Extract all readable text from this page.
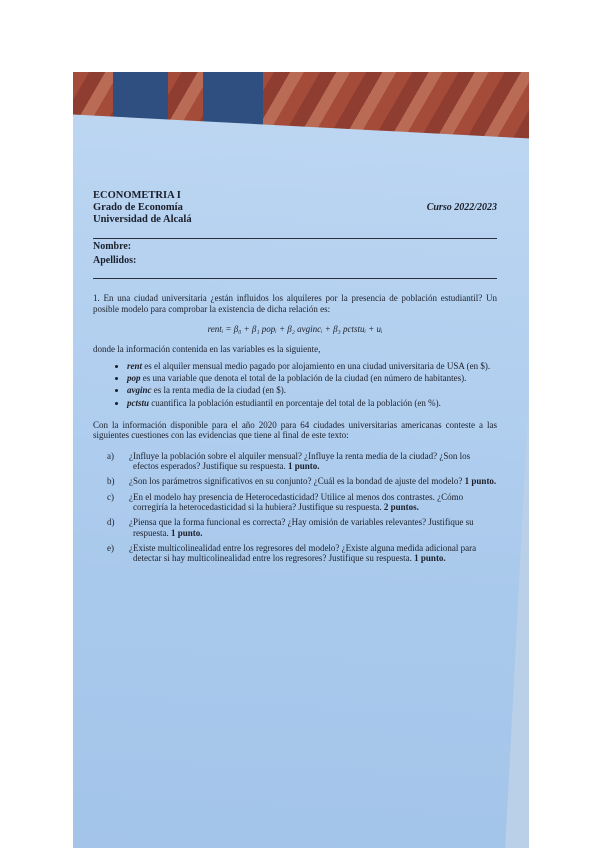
ECONOMETRIA I
Grado de Economía	Curso 2022/2023
Universidad de Alcalá
Nombre:
Apellidos:

1. En una ciudad universitaria ¿están influidos los alquileres por la presencia de población estudiantil? Un posible modelo para comprobar la existencia de dicha relación es:

rentᵢ = β₀ + β₁ popᵢ + β₂ avgincᵢ + β₃ pctstuᵢ + uᵢ

donde la información contenida en las variables es la siguiente,

• rent es el alquiler mensual medio pagado por alojamiento en una ciudad universitaria de USA (en $).
• pop es una variable que denota el total de la población de la ciudad (en número de habitantes).
• avginc es la renta media de la ciudad (en $).
• pctstu cuantifica la población estudiantil en porcentaje del total de la población (en %).

Con la información disponible para el año 2020 para 64 ciudades universitarias americanas conteste a las siguientes cuestiones con las evidencias que tiene al final de este texto:

a) ¿Influye la población sobre el alquiler mensual? ¿Influye la renta media de la ciudad? ¿Son los efectos esperados? Justifique su respuesta. 1 punto.
b) ¿Son los parámetros significativos en su conjunto? ¿Cuál es la bondad de ajuste del modelo? 1 punto.
c) ¿En el modelo hay presencia de Heterocedasticidad? Utilice al menos dos contrastes. ¿Cómo corregiría la heterocedasticidad si la hubiera? Justifique su respuesta. 2 puntos.
d) ¿Piensa que la forma funcional es correcta? ¿Hay omisión de variables relevantes? Justifique su respuesta. 1 punto.
e) ¿Existe multicolinealidad entre los regresores del modelo? ¿Existe alguna medida adicional para detectar si hay multicolinealidad entre los regresores? Justifique su respuesta. 1 punto.
